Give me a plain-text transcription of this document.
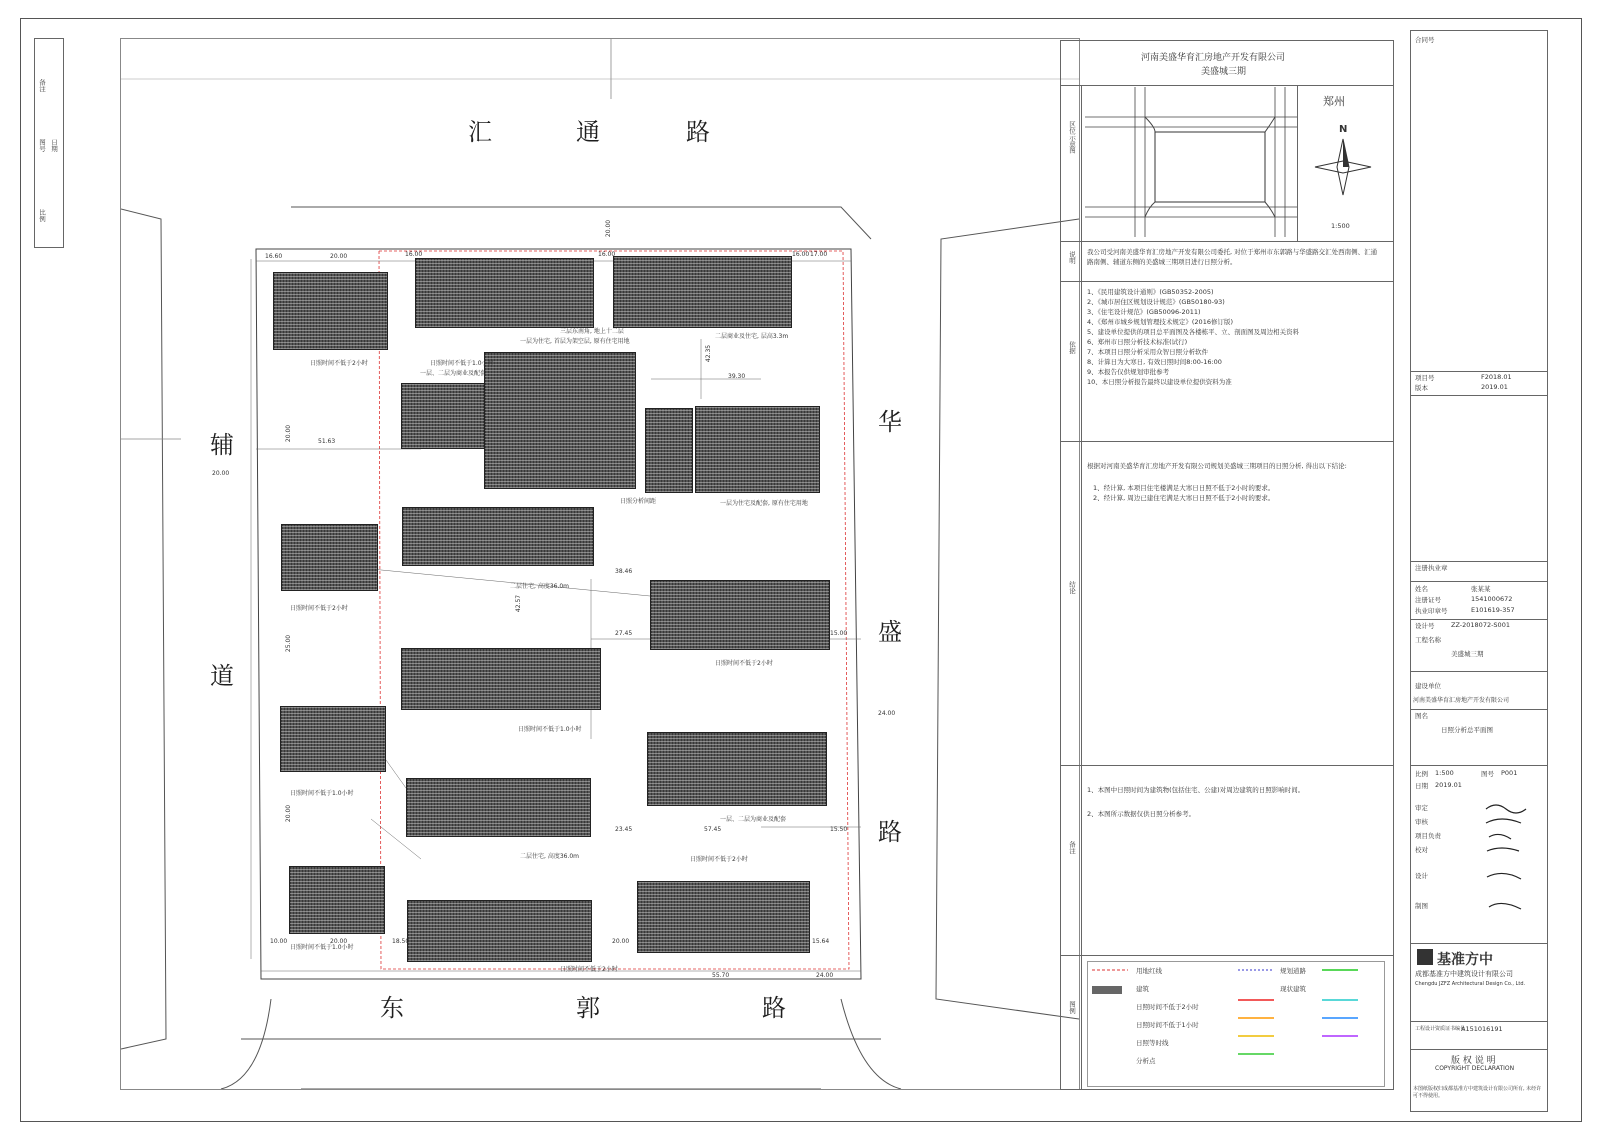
备注
图号 日期
比例
汇	通	路
辅
道
华
盛
路
东	郭	路
16.60	20.00	16.00	16.00	16.00 17.00
42.35
39.30
51.63
38.46
42.57
27.45	15.00
57.45
23.45	15.50
10.00	20.00	18.50	20.00	15.64
55.70	24.00
20.00
25.00
20.00
20.00
20.00
24.00
三层东南角, 地上十二层
二层商业及住宅, 层高3.3m
一层为住宅, 首层为架空层, 原有住宅用地
日照时间不低于2小时	日照时间不低于1.0小时
一层、二层为商业及配套
一层为住宅及配套, 原有住宅用地
日照分析间距
二层住宅, 高度36.0m
日照时间不低于2小时
日照时间不低于2小时
日照时间不低于1.0小时
日照时间不低于1.0小时
一层、二层为商业及配套
二层住宅, 高度36.0m	日照时间不低于2小时
日照时间不低于1.0小时
日照时间不低于2小时
河南美盛华育汇房地产开发有限公司
美盛城三期
区位示意图
郑州
N
1:500
说明 我公司受河南美盛华育汇房地产开发有限公司委托, 对位于郑州市东郭路与华盛路交汇处西南侧、汇通路南侧、辅道东侧的美盛城三期项目进行日照分析。
依据
1、《民用建筑设计通则》(GB50352-2005)
2、《城市居住区规划设计规范》(GB50180-93)
3、《住宅设计规范》(GB50096-2011)
4、《郑州市城乡规划管理技术规定》(2016修订版)
5、建设单位提供的项目总平面图及各楼栋平、立、剖面图及周边相关资料
6、郑州市日照分析技术标准(试行)
7、本项目日照分析采用众智日照分析软件
8、计算日为大寒日, 有效日照时间8:00-16:00
9、本报告仅供规划审批参考
10、本日照分析报告最终以建设单位提供资料为准
结论
根据对河南美盛华育汇房地产开发有限公司规划美盛城三期项目的日照分析, 得出以下结论:
1、经计算, 本项目住宅楼满足大寒日日照不低于2小时的要求。
2、经计算, 周边已建住宅满足大寒日日照不低于2小时的要求。
备注
1、本图中日照时间为建筑物(包括住宅、公建)对周边建筑的日照影响时间。
2、本图所示数据仅供日照分析参考。
图例
用地红线
建筑
日照时间不低于2小时
日照时间不低于1小时
日照等时线
分析点
规划道路
现状建筑
合同号
项目号	F2018.01
版本	2019.01
注册执业章
姓名	张某某
注册证号	1541000672
执业印章号	E101619-357
设计号	ZZ-2018072-S001
工程名称
美盛城三期
建设单位
河南美盛华育汇房地产开发有限公司
图名
日照分析总平面图
比例 1:500
日期 2019.01
图号 P001
审定
审核
项目负责
校对
设计
制图
基准方中
成都基准方中建筑设计有限公司
Chengdu JZFZ Architectural Design Co., Ltd.
工程设计资质证书编号
A151016191
版 权 说 明
COPYRIGHT DECLARATION
本图纸版权归成都基准方中建筑设计有限公司所有, 未经许可不得使用。
